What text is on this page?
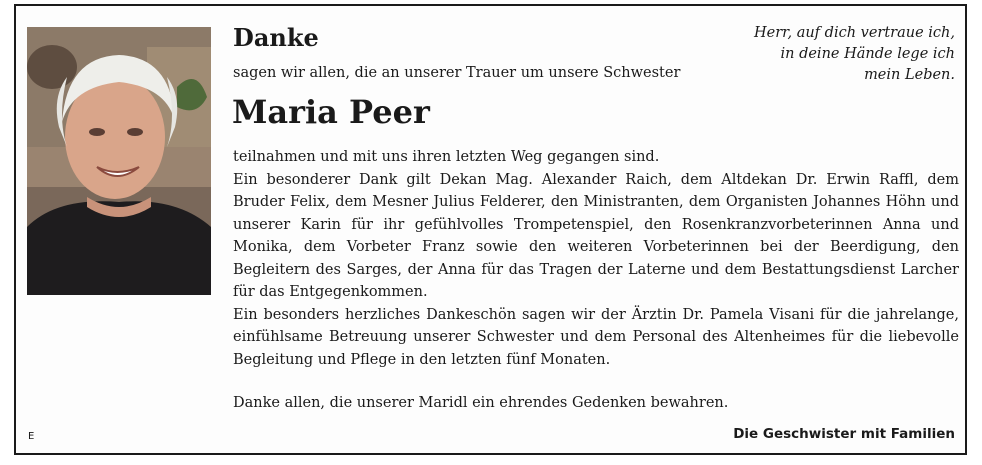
Danke

sagen wir allen, die an unserer Trauer um unsere Schwester

Maria Peer
Herr, auf dich vertraue ich,
in deine Hände lege ich
mein Leben.

teilnahmen und mit uns ihren letzten Weg gegangen sind.

Ein besonderer Dank gilt Dekan Mag. Alexander Raich, dem Altdekan Dr. Erwin Raffl, dem Bruder Felix, dem Mesner Julius Felderer, den Ministranten, dem Organisten Johannes Höhn und unserer Karin für ihr gefühlvolles Trompetenspiel, den Rosenkranzvorbeterinnen Anna und Monika, dem Vorbeter Franz sowie den weiteren Vorbeterinnen bei der Beerdigung, den Begleitern des Sarges, der Anna für das Tragen der Laterne und dem Bestattungsdienst Larcher für das Entgegenkommen.

Ein besonders herzliches Dankeschön sagen wir der Ärztin Dr. Pamela Visani für die jahrelange, einfühlsame Betreuung unserer Schwester und dem Personal des Altenheimes für die liebevolle Begleitung und Pflege in den letzten fünf Monaten.

Danke allen, die unserer Maridl ein ehrendes Gedenken bewahren.

Die Geschwister mit Familien

E
